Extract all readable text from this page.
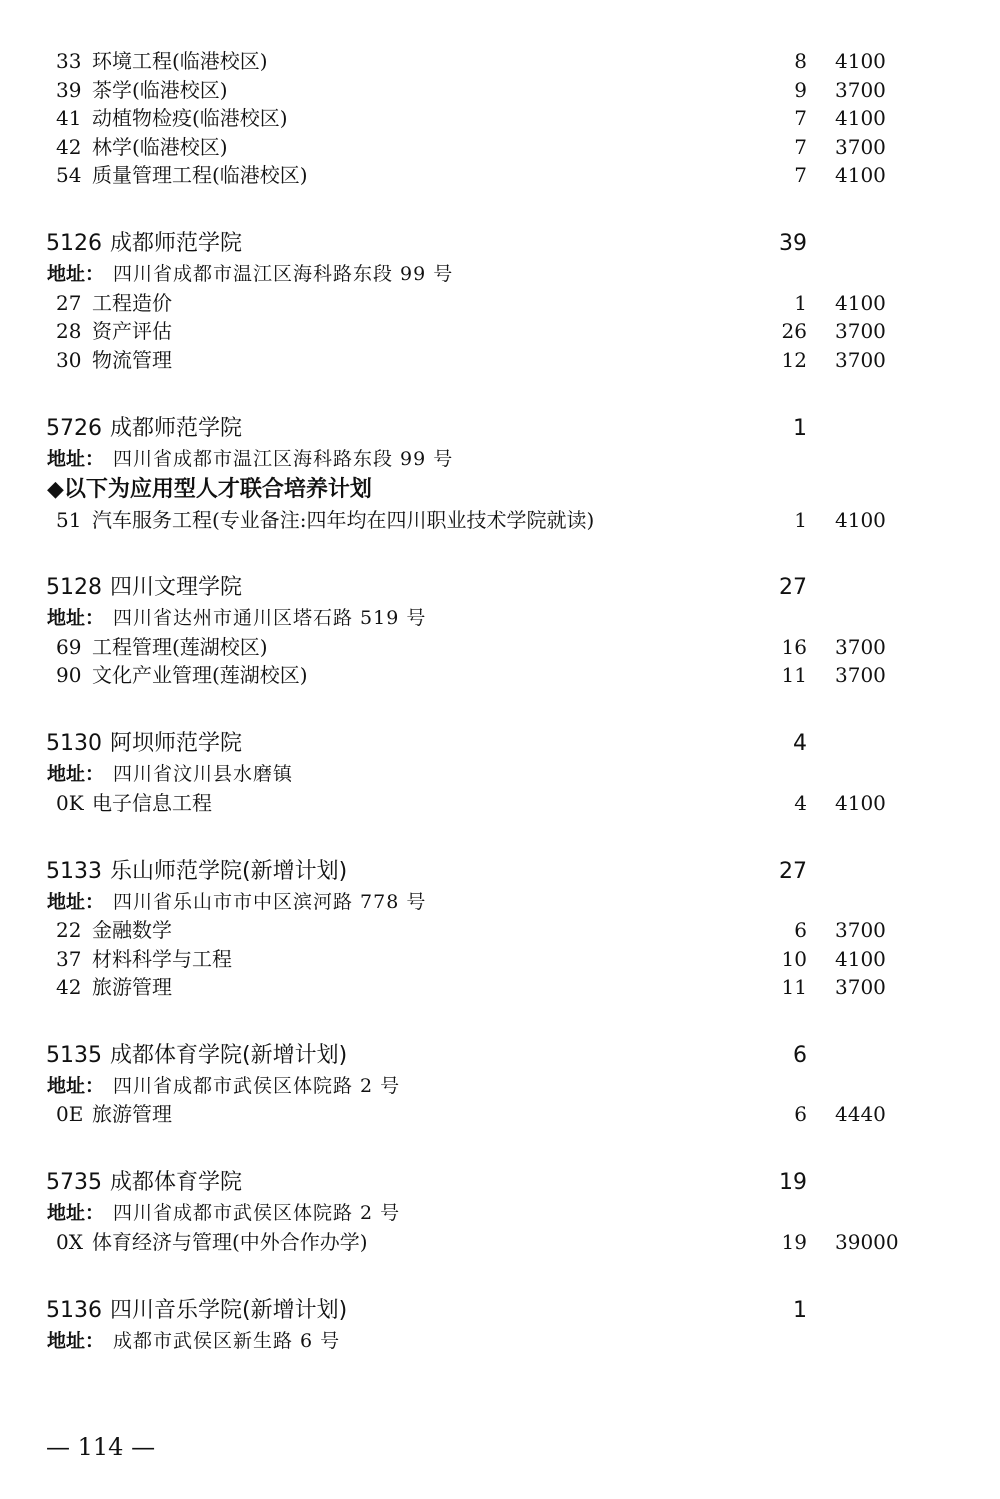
33 环境工程(临港校区)	8 4100
39 茶学(临港校区)	9 3700
41 动植物检疫(临港校区)	7 4100
42 林学(临港校区)	7 3700
54 质量管理工程(临港校区)	7 4100
5126 成都师范学院	39
地址： 四川省成都市温江区海科路东段 99 号
27 工程造价	1 4100
28 资产评估	26 3700
30 物流管理	12 3700
5726 成都师范学院	1
地址： 四川省成都市温江区海科路东段 99 号
◆以下为应用型人才联合培养计划
51 汽车服务工程(专业备注:四年均在四川职业技术学院就读)	1 4100
5128 四川文理学院	27
地址： 四川省达州市通川区塔石路 519 号
69 工程管理(莲湖校区)	16 3700
90 文化产业管理(莲湖校区)	11 3700
5130 阿坝师范学院	4
地址： 四川省汶川县水磨镇
0K 电子信息工程	4 4100
5133 乐山师范学院(新增计划)	27
地址： 四川省乐山市市中区滨河路 778 号
22 金融数学	6 3700
37 材料科学与工程	10 4100
42 旅游管理	11 3700
5135 成都体育学院(新增计划)	6
地址： 四川省成都市武侯区体院路 2 号
0E 旅游管理	6 4440
5735 成都体育学院	19
地址： 四川省成都市武侯区体院路 2 号
0X 体育经济与管理(中外合作办学)	19 39000
5136 四川音乐学院(新增计划)	1
地址： 成都市武侯区新生路 6 号
— 114 —
